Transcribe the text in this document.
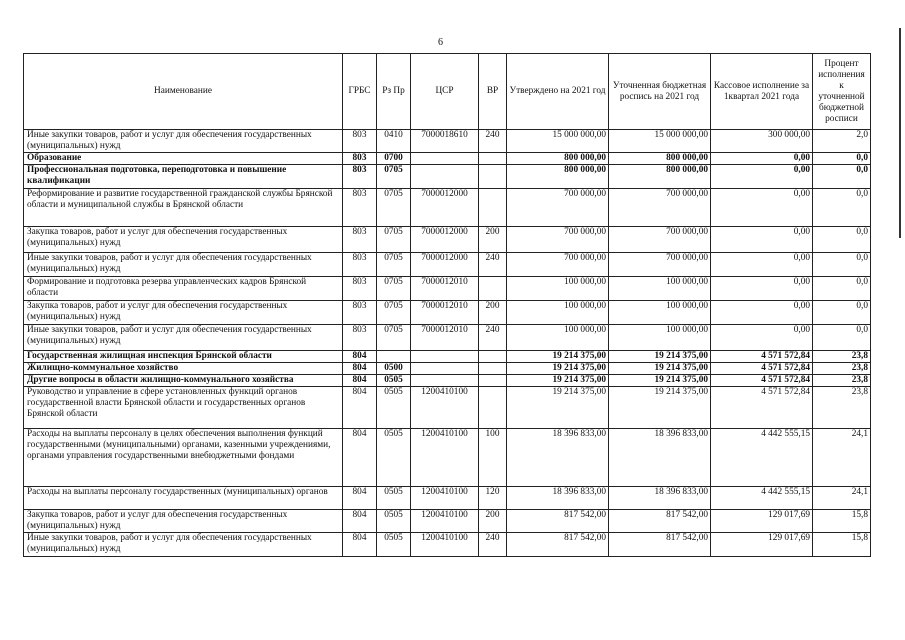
6
Наименование	ГРБС	Рз Пр	ЦСР	ВР	Утверждено на 2021 год	Уточненная бюджетная роспись на 2021 год	Кассовое исполнение за 1квартал 2021 года	Процент исполнения к уточненной бюджетной росписи
Иные закупки товаров, работ и услуг для обеспечения государственных (муниципальных) нужд	803	0410	7000018610	240	15 000 000,00	15 000 000,00	300 000,00	2,0
Образование	803	0700			800 000,00	800 000,00	0,00	0,0
Профессиональная подготовка, переподготовка и повышение квалификации	803	0705			800 000,00	800 000,00	0,00	0,0
Реформирование и развитие государственной гражданской службы Брянской области и муниципальной службы в Брянской области	803	0705	7000012000		700 000,00	700 000,00	0,00	0,0
Закупка товаров, работ и услуг для обеспечения государственных (муниципальных) нужд	803	0705	7000012000	200	700 000,00	700 000,00	0,00	0,0
Иные закупки товаров, работ и услуг для обеспечения государственных (муниципальных) нужд	803	0705	7000012000	240	700 000,00	700 000,00	0,00	0,0
Формирование и подготовка резерва управленческих кадров Брянской области	803	0705	7000012010		100 000,00	100 000,00	0,00	0,0
Закупка товаров, работ и услуг для обеспечения государственных (муниципальных) нужд	803	0705	7000012010	200	100 000,00	100 000,00	0,00	0,0
Иные закупки товаров, работ и услуг для обеспечения государственных (муниципальных) нужд	803	0705	7000012010	240	100 000,00	100 000,00	0,00	0,0
Государственная жилищная инспекция Брянской области	804				19 214 375,00	19 214 375,00	4 571 572,84	23,8
Жилищно-коммунальное хозяйство	804	0500			19 214 375,00	19 214 375,00	4 571 572,84	23,8
Другие вопросы в области жилищно-коммунального хозяйства	804	0505			19 214 375,00	19 214 375,00	4 571 572,84	23,8
Руководство и управление в сфере установленных функций органов государственной власти Брянской области и государственных органов Брянской области	804	0505	1200410100		19 214 375,00	19 214 375,00	4 571 572,84	23,8
Расходы на выплаты персоналу в целях обеспечения выполнения функций государственными (муниципальными) органами, казенными учреждениями, органами управления государственными внебюджетными фондами	804	0505	1200410100	100	18 396 833,00	18 396 833,00	4 442 555,15	24,1
Расходы на выплаты персоналу государственных (муниципальных) органов	804	0505	1200410100	120	18 396 833,00	18 396 833,00	4 442 555,15	24,1
Закупка товаров, работ и услуг для обеспечения государственных (муниципальных) нужд	804	0505	1200410100	200	817 542,00	817 542,00	129 017,69	15,8
Иные закупки товаров, работ и услуг для обеспечения государственных (муниципальных) нужд	804	0505	1200410100	240	817 542,00	817 542,00	129 017,69	15,8
